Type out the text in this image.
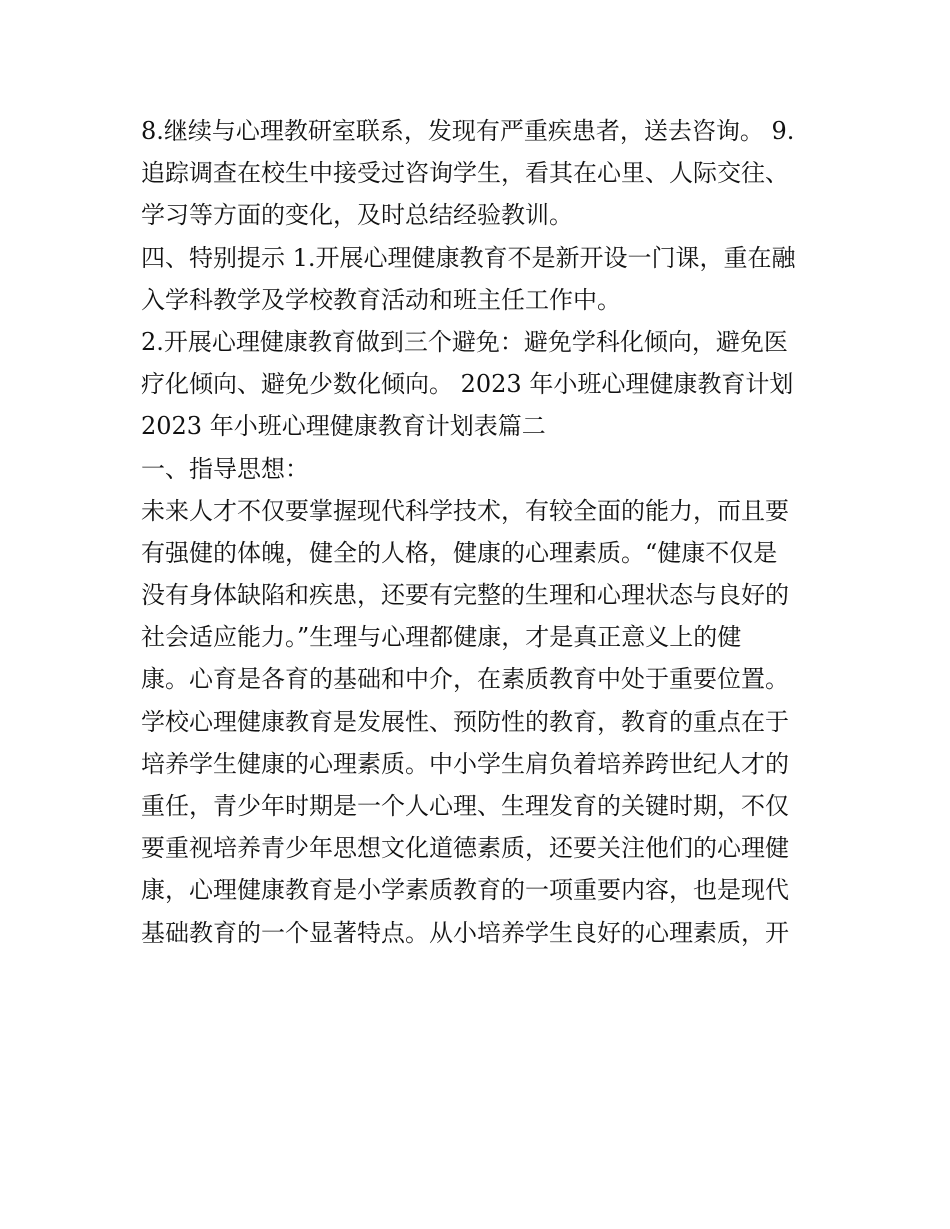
8.继续与心理教研室联系，发现有严重疾患者，送去咨询。 9.
追踪调查在校生中接受过咨询学生，看其在心里、人际交往、
学习等方面的变化，及时总结经验教训。
四、特别提示 1.开展心理健康教育不是新开设一门课，重在融
入学科教学及学校教育活动和班主任工作中。
2.开展心理健康教育做到三个避免：避免学科化倾向，避免医
疗化倾向、避免少数化倾向。 2023 年小班心理健康教育计划
2023 年小班心理健康教育计划表篇二
一、指导思想：
未来人才不仅要掌握现代科学技术，有较全面的能力，而且要
有强健的体魄，健全的人格，健康的心理素质。“健康不仅是
没有身体缺陷和疾患，还要有完整的生理和心理状态与良好的
社会适应能力。”生理与心理都健康，才是真正意义上的健
康。心育是各育的基础和中介，在素质教育中处于重要位置。
学校心理健康教育是发展性、预防性的教育，教育的重点在于
培养学生健康的心理素质。中小学生肩负着培养跨世纪人才的
重任，青少年时期是一个人心理、生理发育的关键时期，不仅
要重视培养青少年思想文化道德素质，还要关注他们的心理健
康，心理健康教育是小学素质教育的一项重要内容，也是现代
基础教育的一个显著特点。从小培养学生良好的心理素质，开
